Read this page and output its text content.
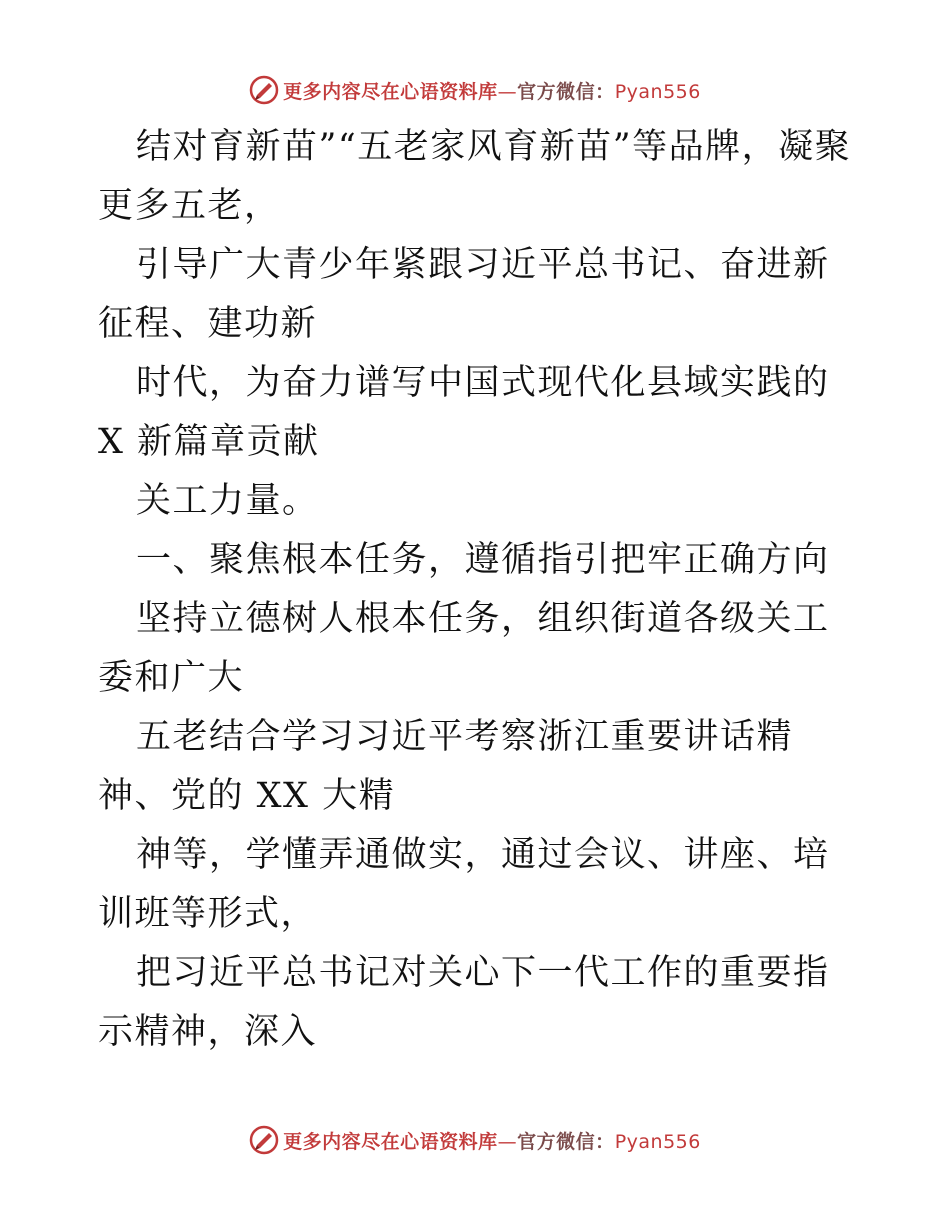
更多内容尽在心语资料库—官方微信：Pyan556

结对育新苗”“五老家风育新苗”等品牌，凝聚更多五老，

引导广大青少年紧跟习近平总书记、奋进新征程、建功新

时代，为奋力谱写中国式现代化县域实践的 X 新篇章贡献

关工力量。

一、聚焦根本任务，遵循指引把牢正确方向

坚持立德树人根本任务，组织街道各级关工委和广大

五老结合学习习近平考察浙江重要讲话精神、党的 XX 大精

神等，学懂弄通做实，通过会议、讲座、培训班等形式，

把习近平总书记对关心下一代工作的重要指示精神，深入

更多内容尽在心语资料库—官方微信：Pyan556
